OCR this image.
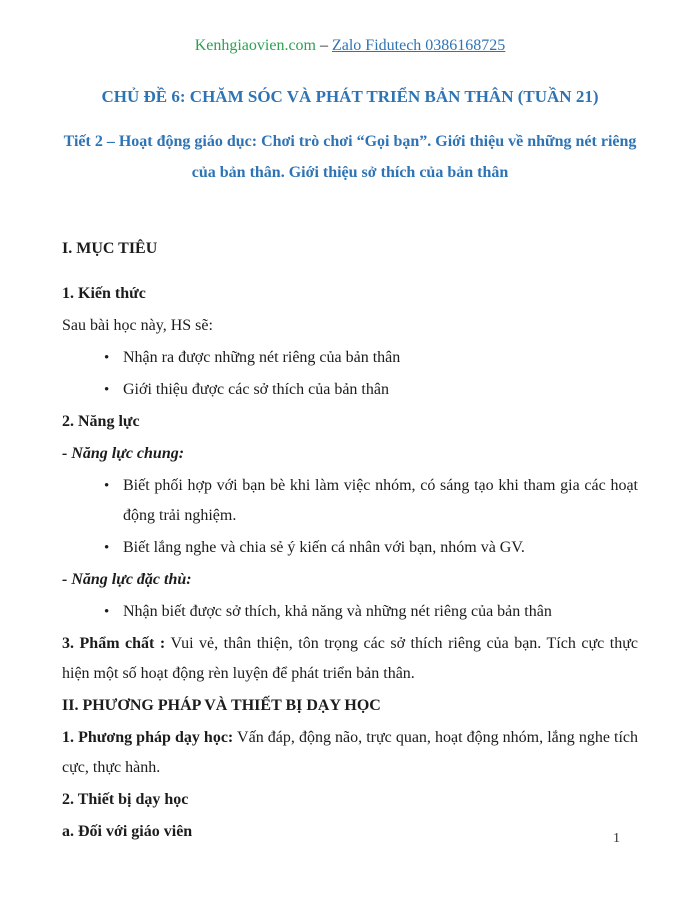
Kenhgiaovien.com – Zalo Fidutech 0386168725
CHỦ ĐỀ 6: CHĂM SÓC VÀ PHÁT TRIỂN BẢN THÂN (TUẦN 21)
Tiết 2 – Hoạt động giáo dục: Chơi trò chơi “Gọi bạn”. Giới thiệu về những nét riêng của bản thân. Giới thiệu sở thích của bản thân

I. MỤC TIÊU

1. Kiến thức

Sau bài học này, HS sẽ:

• Nhận ra được những nét riêng của bản thân
• Giới thiệu được các sở thích của bản thân

2. Năng lực

- Năng lực chung:

• Biết phối hợp với bạn bè khi làm việc nhóm, có sáng tạo khi tham gia các hoạt động trải nghiệm.
• Biết lắng nghe và chia sẻ ý kiến cá nhân với bạn, nhóm và GV.

- Năng lực đặc thù:

• Nhận biết được sở thích, khả năng và những nét riêng của bản thân

3. Phẩm chất : Vui vẻ, thân thiện, tôn trọng các sở thích riêng của bạn. Tích cực thực hiện một số hoạt động rèn luyện để phát triển bản thân.

II. PHƯƠNG PHÁP VÀ THIẾT BỊ DẠY HỌC

1. Phương pháp dạy học: Vấn đáp, động não, trực quan, hoạt động nhóm, lắng nghe tích cực, thực hành.

2. Thiết bị dạy học

a. Đối với giáo viên	1
